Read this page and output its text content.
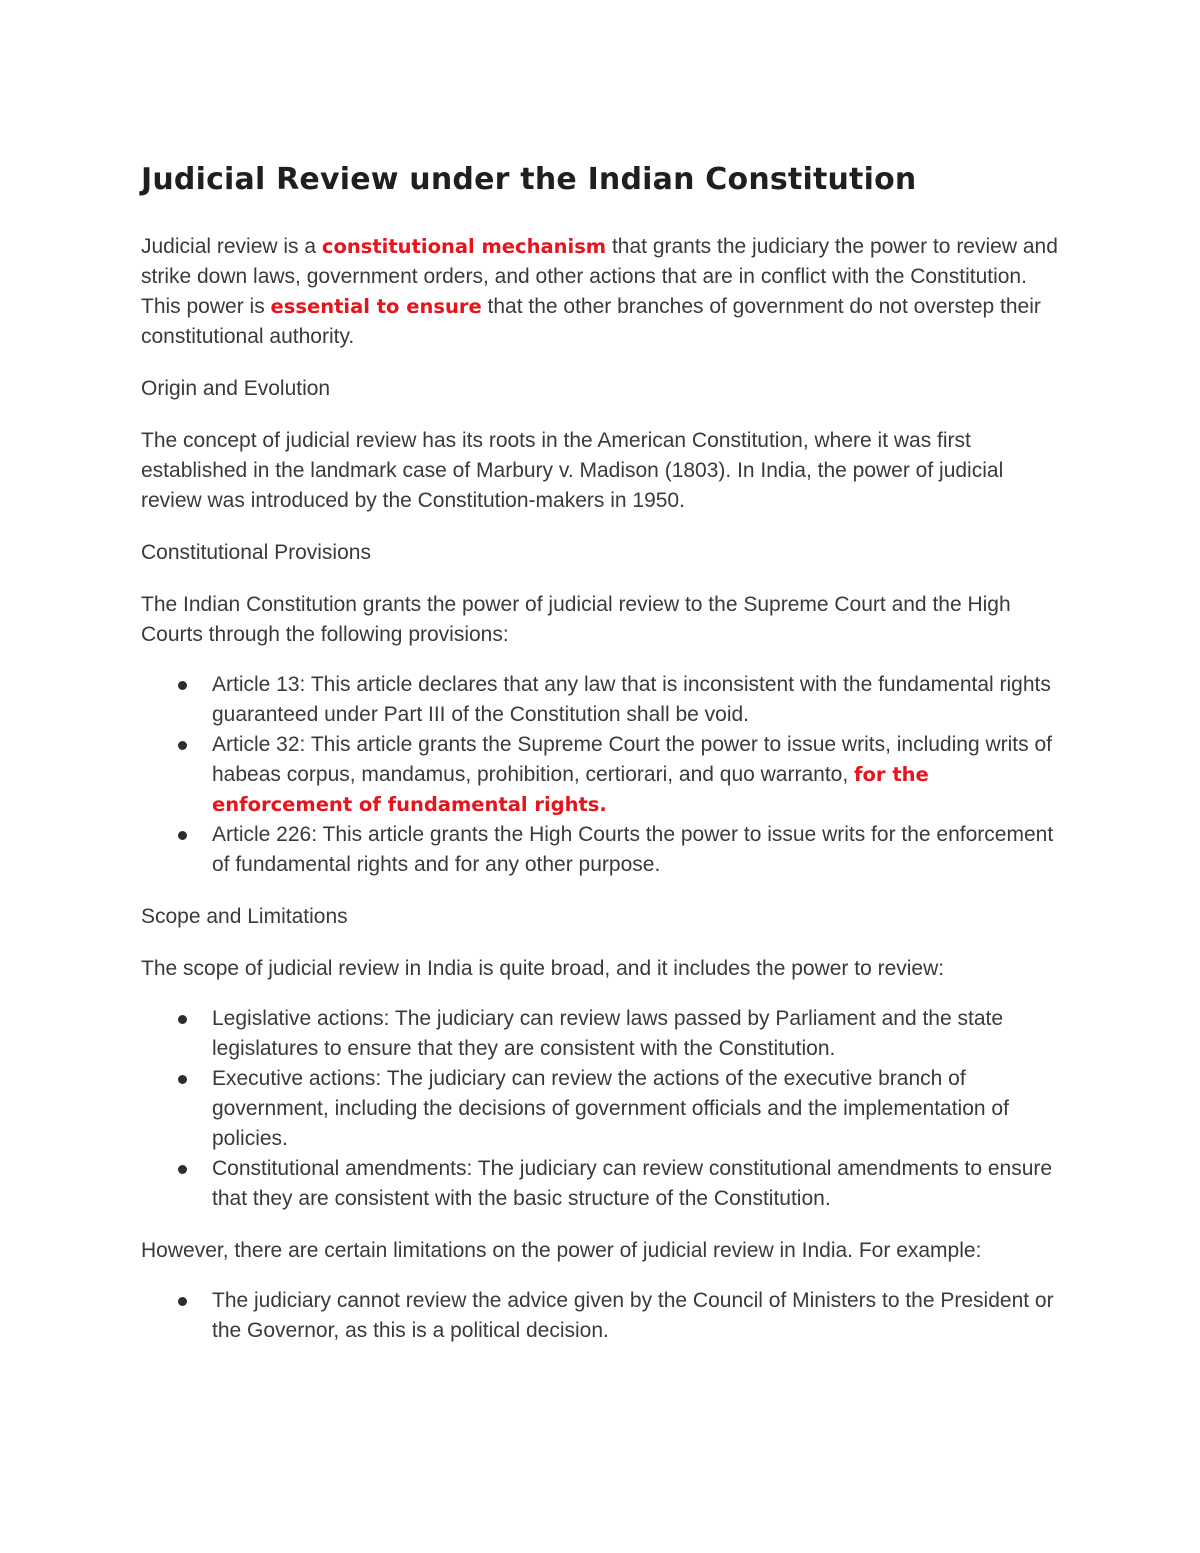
Judicial Review under the Indian Constitution

Judicial review is a constitutional mechanism that grants the judiciary the power to review and strike down laws, government orders, and other actions that are in conflict with the Constitution. This power is essential to ensure that the other branches of government do not overstep their constitutional authority.

Origin and Evolution

The concept of judicial review has its roots in the American Constitution, where it was first established in the landmark case of Marbury v. Madison (1803). In India, the power of judicial review was introduced by the Constitution-makers in 1950.

Constitutional Provisions

The Indian Constitution grants the power of judicial review to the Supreme Court and the High Courts through the following provisions:

Article 13: This article declares that any law that is inconsistent with the fundamental rights guaranteed under Part III of the Constitution shall be void.
Article 32: This article grants the Supreme Court the power to issue writs, including writs of habeas corpus, mandamus, prohibition, certiorari, and quo warranto, for the enforcement of fundamental rights.
Article 226: This article grants the High Courts the power to issue writs for the enforcement of fundamental rights and for any other purpose.

Scope and Limitations

The scope of judicial review in India is quite broad, and it includes the power to review:

Legislative actions: The judiciary can review laws passed by Parliament and the state legislatures to ensure that they are consistent with the Constitution.
Executive actions: The judiciary can review the actions of the executive branch of government, including the decisions of government officials and the implementation of policies.
Constitutional amendments: The judiciary can review constitutional amendments to ensure that they are consistent with the basic structure of the Constitution.

However, there are certain limitations on the power of judicial review in India. For example:

The judiciary cannot review the advice given by the Council of Ministers to the President or the Governor, as this is a political decision.
